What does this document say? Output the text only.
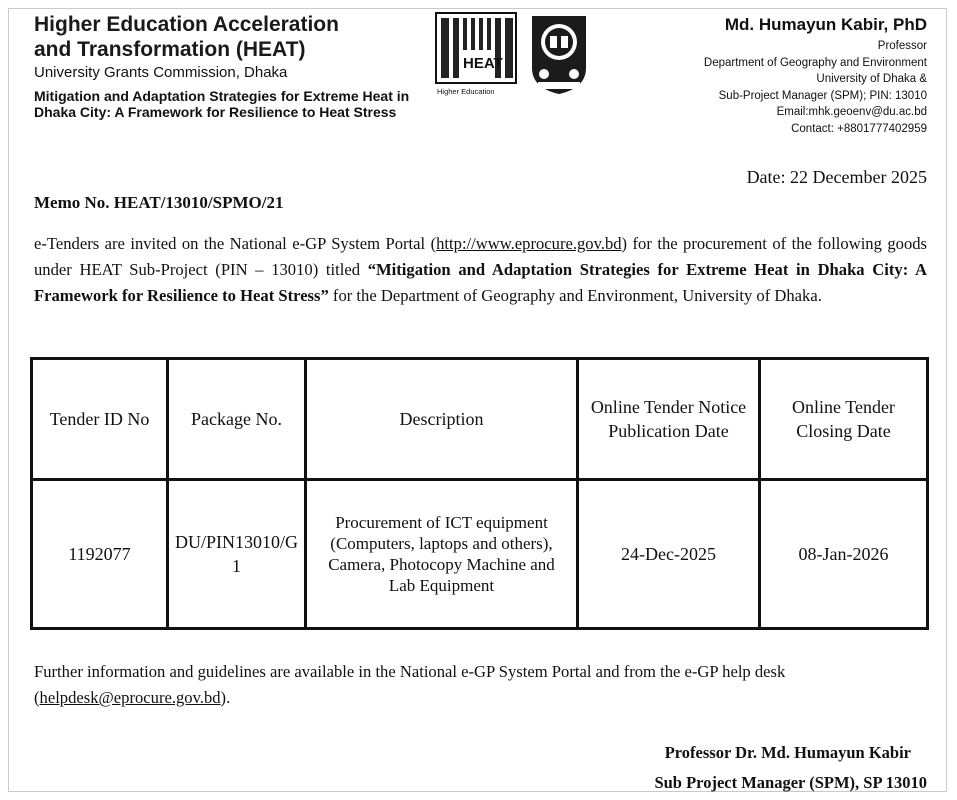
Higher Education Acceleration
and Transformation (HEAT)
University Grants Commission, Dhaka
Mitigation and Adaptation Strategies for Extreme Heat in Dhaka City: A Framework for Resilience to Heat Stress
HEAT
Higher Education
Md. Humayun Kabir, PhD
Professor
Department of Geography and Environment
University of Dhaka &
Sub-Project Manager (SPM); PIN: 13010
Email:mhk.geoenv@du.ac.bd
Contact: +8801777402959
Date: 22 December 2025
Memo No. HEAT/13010/SPMO/21
e-Tenders are invited on the National e-GP System Portal (http://www.eprocure.gov.bd) for the procurement of the following goods under HEAT Sub-Project (PIN – 13010) titled “Mitigation and Adaptation Strategies for Extreme Heat in Dhaka City: A Framework for Resilience to Heat Stress” for the Department of Geography and Environment, University of Dhaka.
Tender ID No	Package No.	Description	Online Tender Notice Publication Date	Online Tender Closing Date
1192077	DU/PIN13010/G1	Procurement of ICT equipment (Computers, laptops and others), Camera, Photocopy Machine and Lab Equipment	24-Dec-2025	08-Jan-2026
Further information and guidelines are available in the National e-GP System Portal and from the e-GP help desk (helpdesk@eprocure.gov.bd).
Professor Dr. Md. Humayun Kabir
Sub Project Manager (SPM), SP 13010
